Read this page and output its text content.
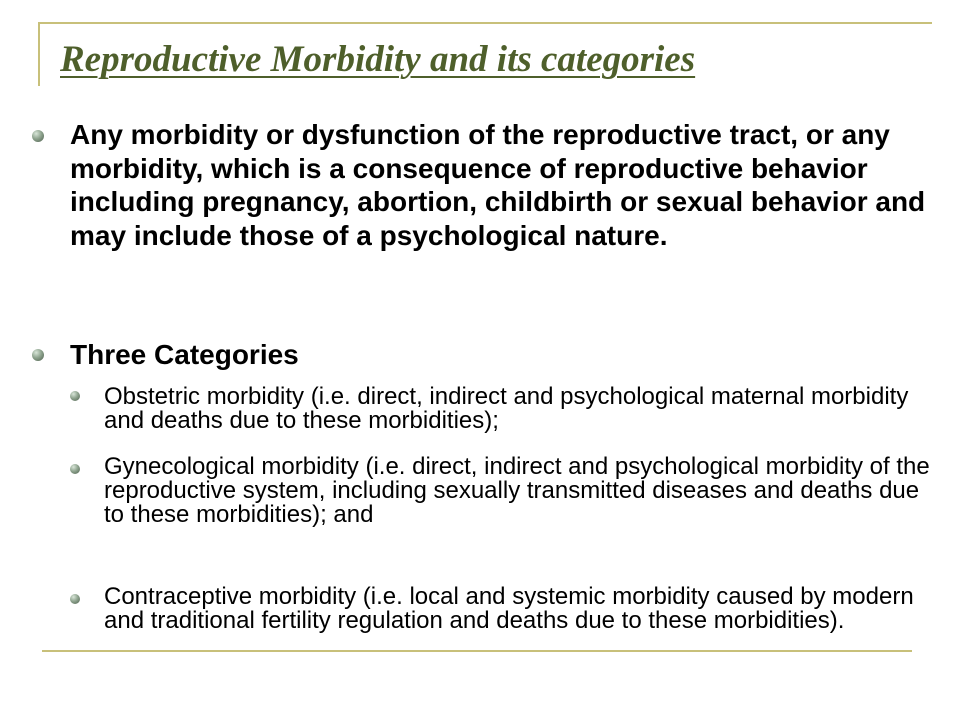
Reproductive Morbidity and its categories

Any morbidity or dysfunction of the reproductive tract, or any morbidity, which is a consequence of reproductive behavior including pregnancy, abortion, childbirth or sexual behavior and may include those of a psychological nature.

Three Categories

Obstetric morbidity (i.e. direct, indirect and psychological maternal morbidity and deaths due to these morbidities);

Gynecological morbidity (i.e. direct, indirect and psychological morbidity of the reproductive system, including sexually transmitted diseases and deaths due to these morbidities); and

Contraceptive morbidity (i.e. local and systemic morbidity caused by modern and traditional fertility regulation and deaths due to these morbidities).
